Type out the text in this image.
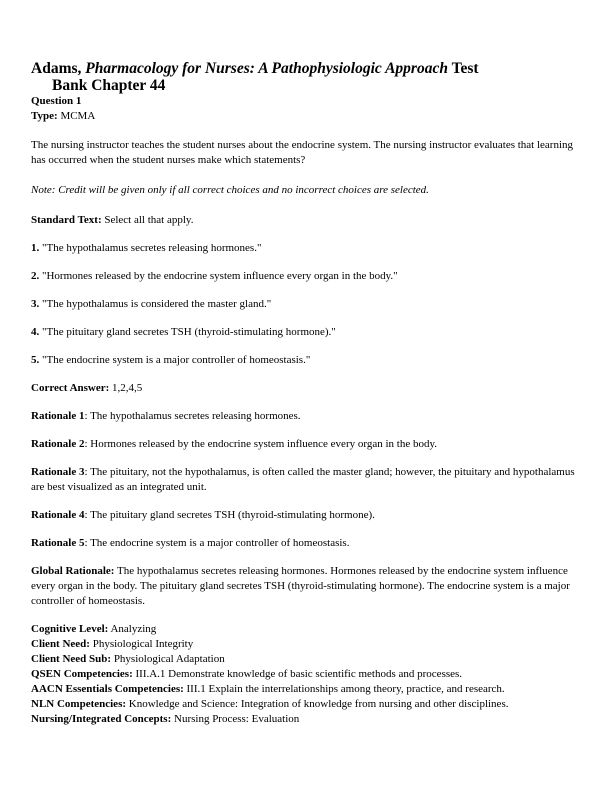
Adams, Pharmacology for Nurses: A Pathophysiologic Approach Test
Bank Chapter 44

Question 1

Type: MCMA

The nursing instructor teaches the student nurses about the endocrine system. The nursing instructor evaluates that learning has occurred when the student nurses make which statements?

Note: Credit will be given only if all correct choices and no incorrect choices are selected.

Standard Text: Select all that apply.

1. "The hypothalamus secretes releasing hormones."

2. "Hormones released by the endocrine system influence every organ in the body."

3. "The hypothalamus is considered the master gland."

4. "The pituitary gland secretes TSH (thyroid-stimulating hormone)."

5. "The endocrine system is a major controller of homeostasis."

Correct Answer: 1,2,4,5

Rationale 1: The hypothalamus secretes releasing hormones.

Rationale 2: Hormones released by the endocrine system influence every organ in the body.

Rationale 3: The pituitary, not the hypothalamus, is often called the master gland; however, the pituitary and hypothalamus are best visualized as an integrated unit.

Rationale 4: The pituitary gland secretes TSH (thyroid-stimulating hormone).

Rationale 5: The endocrine system is a major controller of homeostasis.

Global Rationale: The hypothalamus secretes releasing hormones. Hormones released by the endocrine system influence every organ in the body. The pituitary gland secretes TSH (thyroid-stimulating hormone). The endocrine system is a major controller of homeostasis.

Cognitive Level: Analyzing

Client Need: Physiological Integrity

Client Need Sub: Physiological Adaptation

QSEN Competencies: III.A.1 Demonstrate knowledge of basic scientific methods and processes.

AACN Essentials Competencies: III.1 Explain the interrelationships among theory, practice, and research.

NLN Competencies: Knowledge and Science: Integration of knowledge from nursing and other disciplines.

Nursing/Integrated Concepts: Nursing Process: Evaluation
